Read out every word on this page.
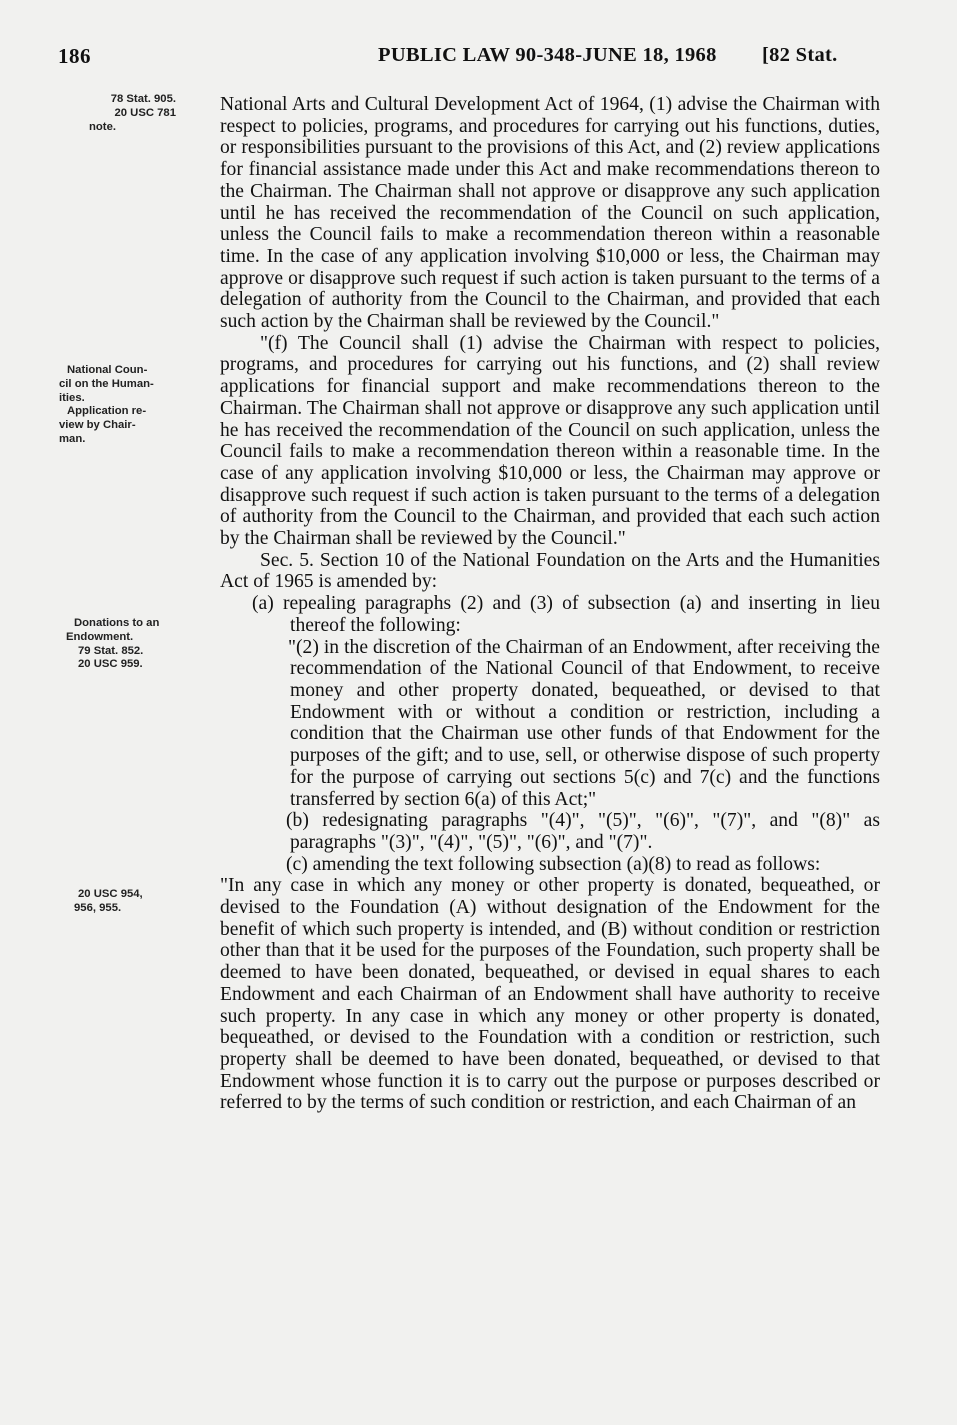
186	PUBLIC LAW 90-348-JUNE 18, 1968 [82 Stat.
78 Stat. 905.
20 USC 781
note.
National Coun-
cil on the Human-
ities.
Application re-
view by Chair-
man.
Donations to an
Endowment.
79 Stat. 852.
20 USC 959.
20 USC 954,
956, 955.

National Arts and Cultural Development Act of 1964, (1) advise the Chairman with respect to policies, programs, and procedures for carrying out his functions, duties, or responsibilities pursuant to the provisions of this Act, and (2) review applications for financial assistance made under this Act and make recommendations thereon to the Chairman. The Chairman shall not approve or disapprove any such application until he has received the recommendation of the Council on such application, unless the Council fails to make a recommendation thereon within a reasonable time. In the case of any application involving $10,000 or less, the Chairman may approve or disapprove such request if such action is taken pursuant to the terms of a delegation of authority from the Council to the Chairman, and provided that each such action by the Chairman shall be reviewed by the Council."

"(f) The Council shall (1) advise the Chairman with respect to policies, programs, and procedures for carrying out his functions, and (2) shall review applications for financial support and make recommendations thereon to the Chairman. The Chairman shall not approve or disapprove any such application until he has received the recommendation of the Council on such application, unless the Council fails to make a recommendation thereon within a reasonable time. In the case of any application involving $10,000 or less, the Chairman may approve or disapprove such request if such action is taken pursuant to the terms of a delegation of authority from the Council to the Chairman, and provided that each such action by the Chairman shall be reviewed by the Council."

Sec. 5. Section 10 of the National Foundation on the Arts and the Humanities Act of 1965 is amended by:

(a) repealing paragraphs (2) and (3) of subsection (a) and inserting in lieu thereof the following:

"(2) in the discretion of the Chairman of an Endowment, after receiving the recommendation of the National Council of that Endowment, to receive money and other property donated, bequeathed, or devised to that Endowment with or without a condition or restriction, including a condition that the Chairman use other funds of that Endowment for the purposes of the gift; and to use, sell, or otherwise dispose of such property for the purpose of carrying out sections 5(c) and 7(c) and the functions transferred by section 6(a) of this Act;"

(b) redesignating paragraphs "(4)", "(5)", "(6)", "(7)", and "(8)" as paragraphs "(3)", "(4)", "(5)", "(6)", and "(7)".

(c) amending the text following subsection (a)(8) to read as follows:

"In any case in which any money or other property is donated, bequeathed, or devised to the Foundation (A) without designation of the Endowment for the benefit of which such property is intended, and (B) without condition or restriction other than that it be used for the purposes of the Foundation, such property shall be deemed to have been donated, bequeathed, or devised in equal shares to each Endowment and each Chairman of an Endowment shall have authority to receive such property. In any case in which any money or other property is donated, bequeathed, or devised to the Foundation with a condition or restriction, such property shall be deemed to have been donated, bequeathed, or devised to that Endowment whose function it is to carry out the purpose or purposes described or referred to by the terms of such condition or restriction, and each Chairman of an
